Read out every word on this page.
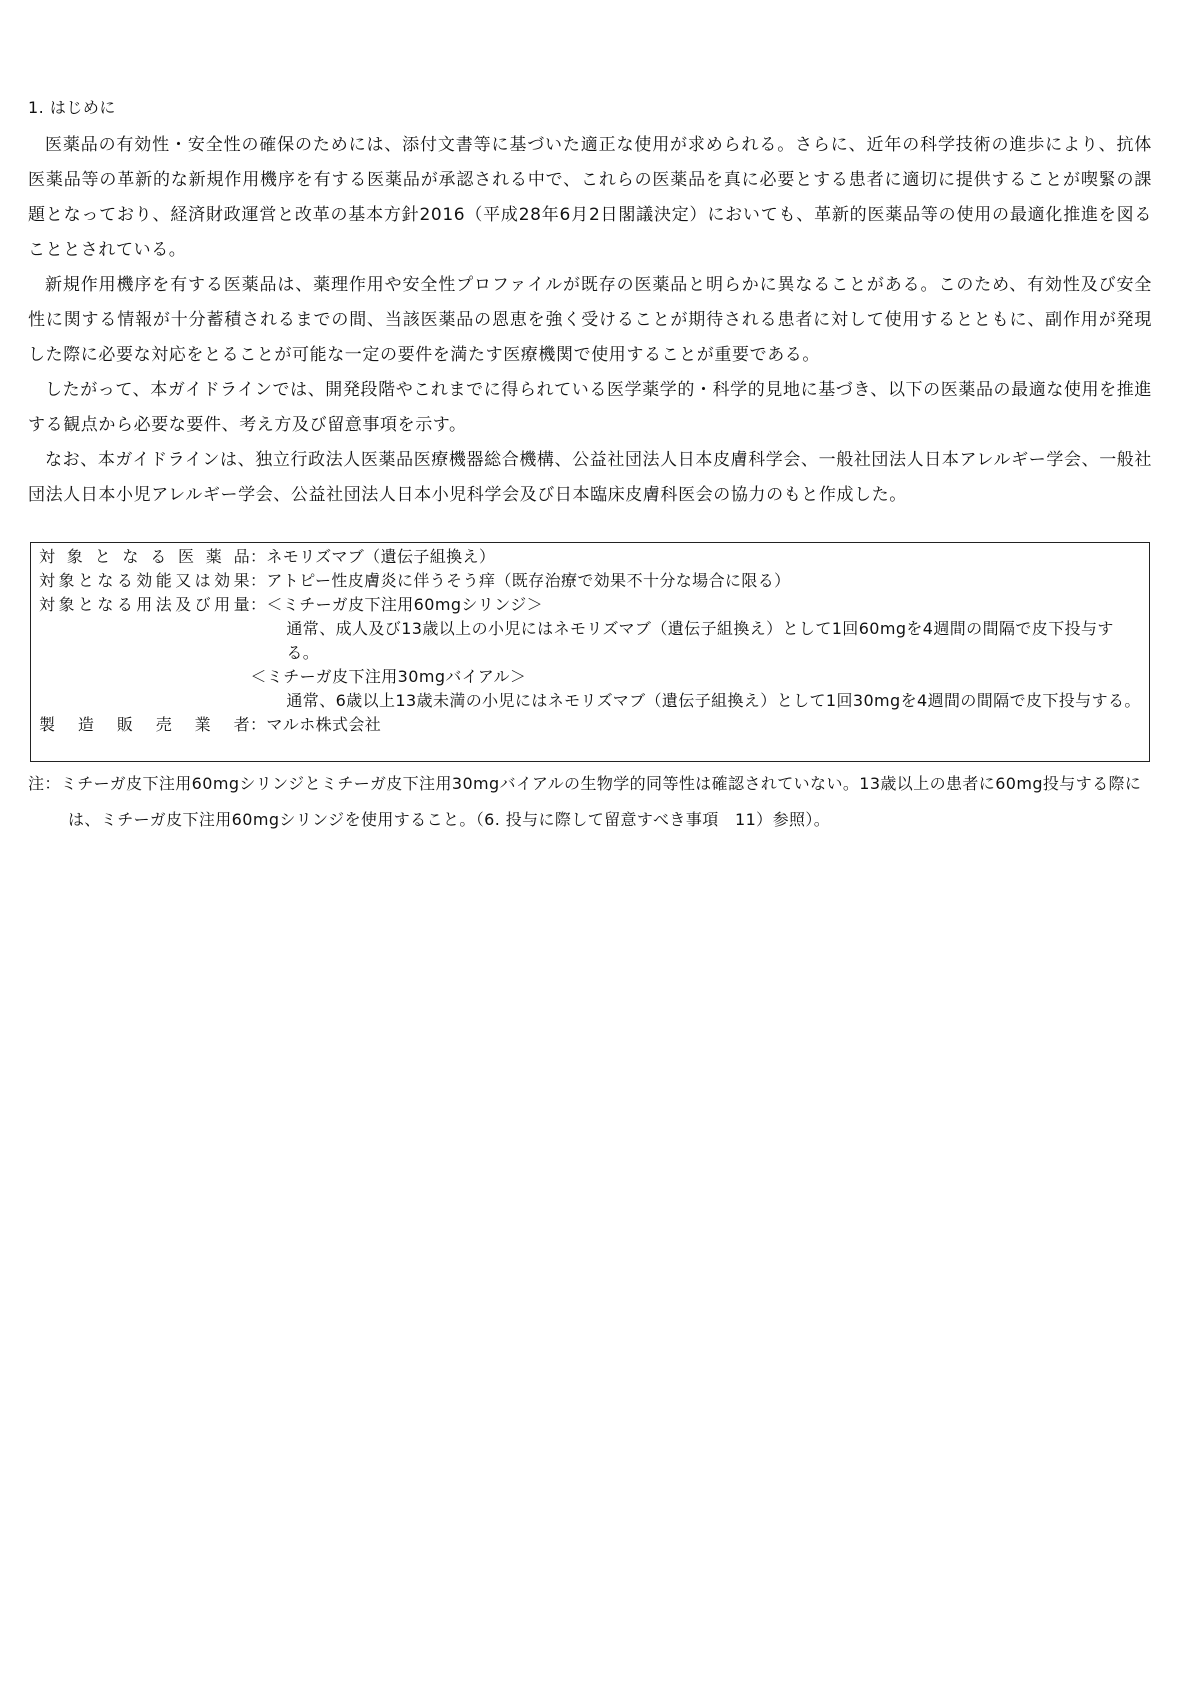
1. はじめに

医薬品の有効性・安全性の確保のためには、添付文書等に基づいた適正な使用が求められる。さらに、近年の科学技術の進歩により、抗体医薬品等の革新的な新規作用機序を有する医薬品が承認される中で、これらの医薬品を真に必要とする患者に適切に提供することが喫緊の課題となっており、経済財政運営と改革の基本方針2016（平成28年6月2日閣議決定）においても、革新的医薬品等の使用の最適化推進を図ることとされている。

新規作用機序を有する医薬品は、薬理作用や安全性プロファイルが既存の医薬品と明らかに異なることがある。このため、有効性及び安全性に関する情報が十分蓄積されるまでの間、当該医薬品の恩恵を強く受けることが期待される患者に対して使用するとともに、副作用が発現した際に必要な対応をとることが可能な一定の要件を満たす医療機関で使用することが重要である。

したがって、本ガイドラインでは、開発段階やこれまでに得られている医学薬学的・科学的見地に基づき、以下の医薬品の最適な使用を推進する観点から必要な要件、考え方及び留意事項を示す。

なお、本ガイドラインは、独立行政法人医薬品医療機器総合機構、公益社団法人日本皮膚科学会、一般社団法人日本アレルギー学会、一般社団法人日本小児アレルギー学会、公益社団法人日本小児科学会及び日本臨床皮膚科医会の協力のもと作成した。

対象となる医薬品： ネモリズマブ（遺伝子組換え）
対象となる効能又は効果： アトピー性皮膚炎に伴うそう痒（既存治療で効果不十分な場合に限る）
対象となる用法及び用量： ＜ミチーガ皮下注用60mgシリンジ＞
通常、成人及び13歳以上の小児にはネモリズマブ（遺伝子組換え）として1回60mgを4週間の間隔で皮下投与する。
＜ミチーガ皮下注用30mgバイアル＞
通常、6歳以上13歳未満の小児にはネモリズマブ（遺伝子組換え）として1回30mgを4週間の間隔で皮下投与する。
製造販売業者： マルホ株式会社

注：ミチーガ皮下注用60mgシリンジとミチーガ皮下注用30mgバイアルの生物学的同等性は確認されていない。13歳以上の患者に60mg投与する際には、ミチーガ皮下注用60mgシリンジを使用すること。（6. 投与に際して留意すべき事項　11）参照）。
